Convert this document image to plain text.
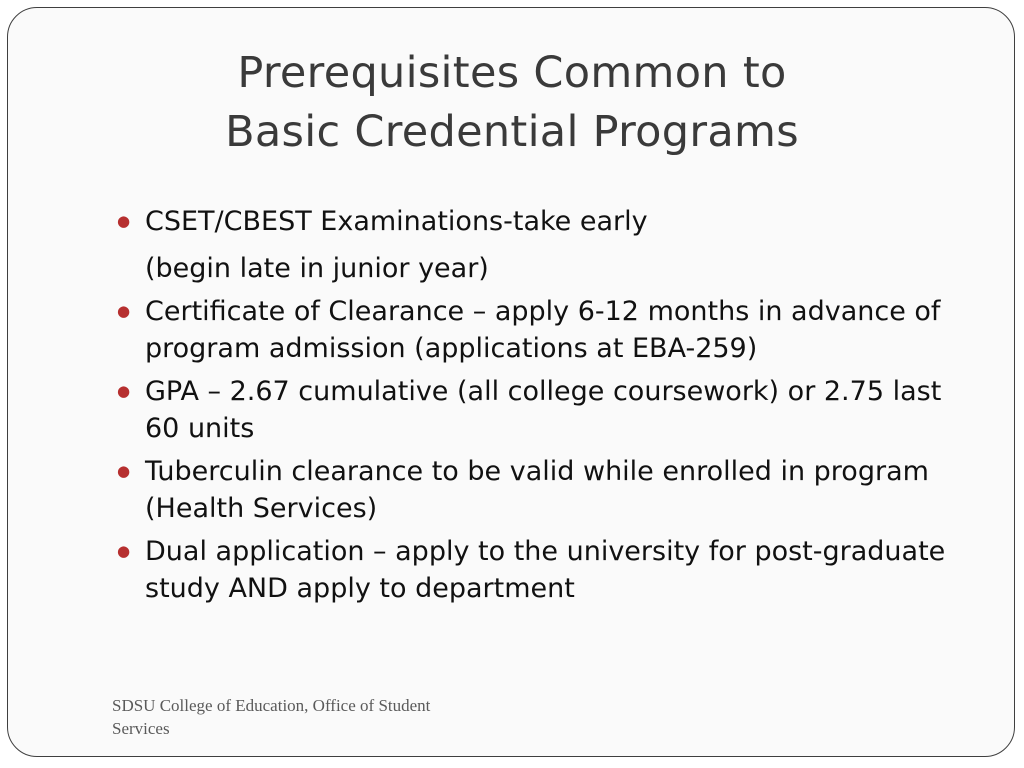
Prerequisites Common to
Basic Credential Programs
● CSET/CBEST Examinations-take early
(begin late in junior year)
● Certificate of Clearance – apply 6-12 months in advance of program admission (applications at EBA-259)
● GPA – 2.67 cumulative (all college coursework) or 2.75 last 60 units
● Tuberculin clearance to be valid while enrolled in program (Health Services)
● Dual application – apply to the university for post-graduate study AND apply to department
SDSU College of Education, Office of Student Services
